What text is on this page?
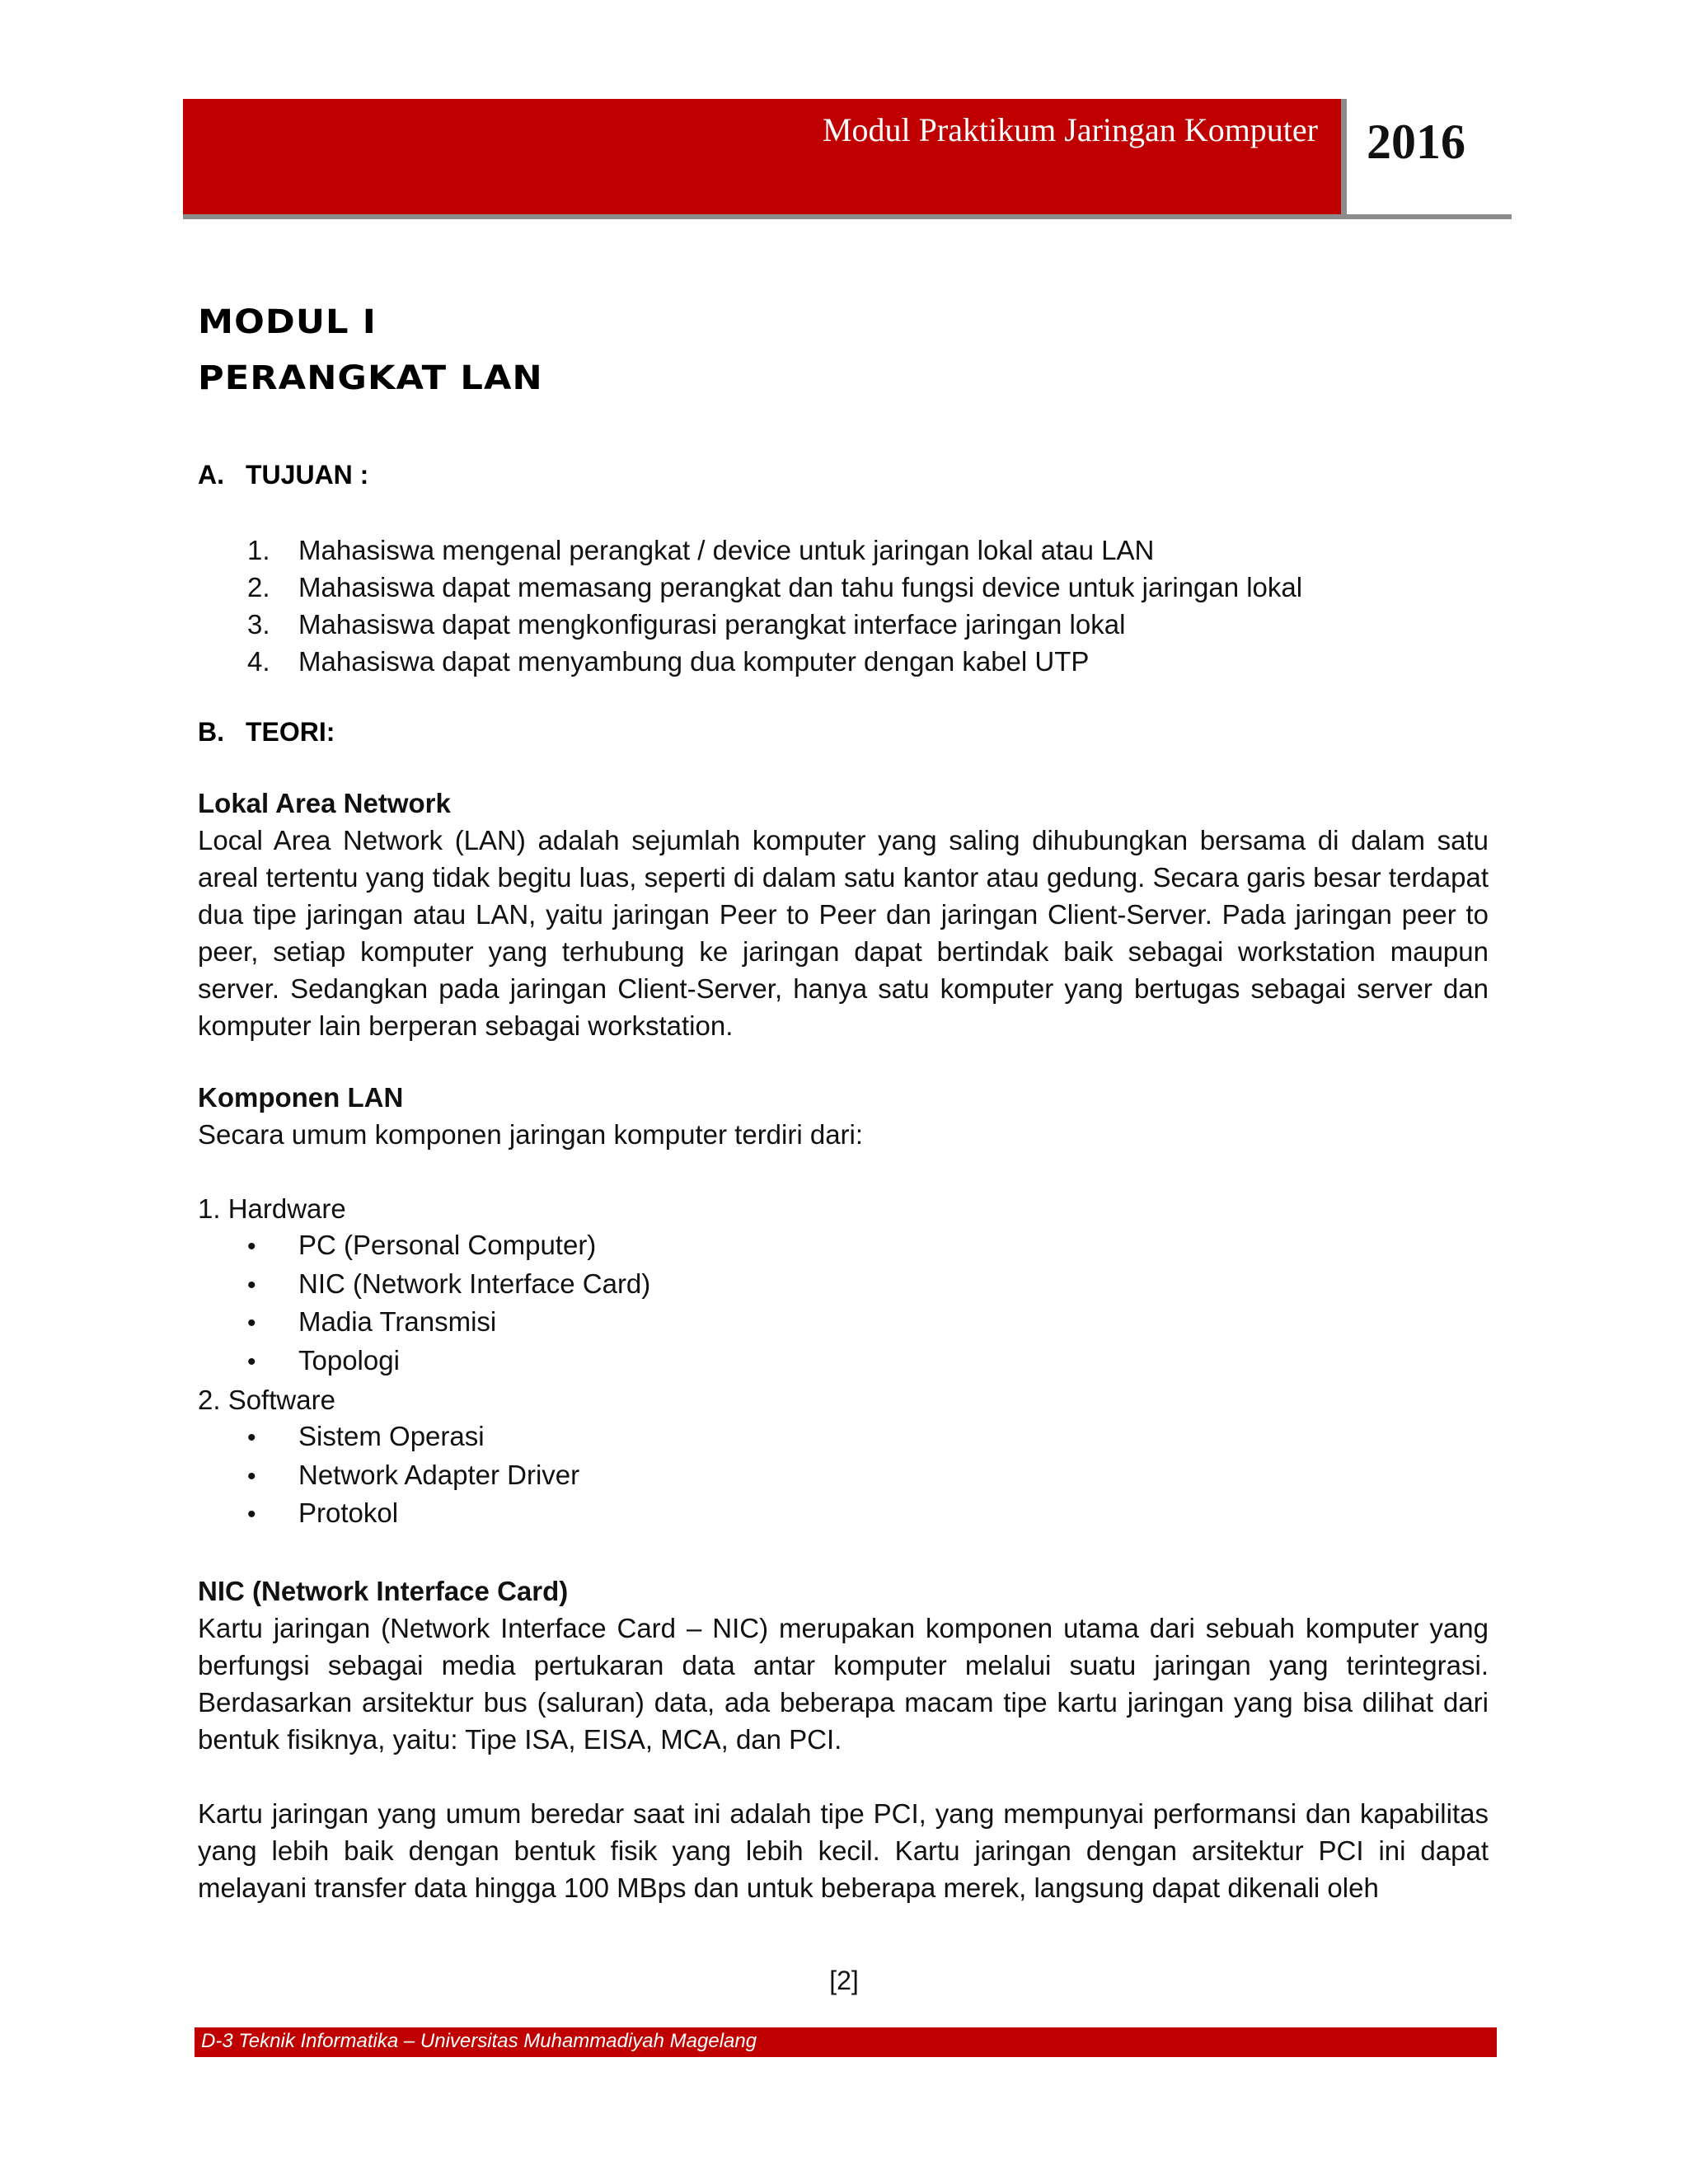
Modul Praktikum Jaringan Komputer 2016
MODUL I
PERANGKAT LAN
A. TUJUAN :
1. Mahasiswa mengenal perangkat / device untuk jaringan lokal atau LAN
2. Mahasiswa dapat memasang perangkat dan tahu fungsi device untuk jaringan lokal
3. Mahasiswa dapat mengkonfigurasi perangkat interface jaringan lokal
4. Mahasiswa dapat menyambung dua komputer dengan kabel UTP
B. TEORI:
Lokal Area Network

Local Area Network (LAN) adalah sejumlah komputer yang saling dihubungkan bersama di dalam satu areal tertentu yang tidak begitu luas, seperti di dalam satu kantor atau gedung. Secara garis besar terdapat dua tipe jaringan atau LAN, yaitu jaringan Peer to Peer dan jaringan Client-Server. Pada jaringan peer to peer, setiap komputer yang terhubung ke jaringan dapat bertindak baik sebagai workstation maupun server. Sedangkan pada jaringan Client-Server, hanya satu komputer yang bertugas sebagai server dan komputer lain berperan sebagai workstation.

Komponen LAN
Secara umum komponen jaringan komputer terdiri dari:
1. Hardware
• PC (Personal Computer)
• NIC (Network Interface Card)
• Madia Transmisi
• Topologi
2. Software
• Sistem Operasi
• Network Adapter Driver
• Protokol
NIC (Network Interface Card)

Kartu jaringan (Network Interface Card – NIC) merupakan komponen utama dari sebuah komputer yang berfungsi sebagai media pertukaran data antar komputer melalui suatu jaringan yang terintegrasi. Berdasarkan arsitektur bus (saluran) data, ada beberapa macam tipe kartu jaringan yang bisa dilihat dari bentuk fisiknya, yaitu: Tipe ISA, EISA, MCA, dan PCI.

Kartu jaringan yang umum beredar saat ini adalah tipe PCI, yang mempunyai performansi dan kapabilitas yang lebih baik dengan bentuk fisik yang lebih kecil. Kartu jaringan dengan arsitektur PCI ini dapat melayani transfer data hingga 100 MBps dan untuk beberapa merek, langsung dapat dikenali oleh

[2]
D-3 Teknik Informatika – Universitas Muhammadiyah Magelang
